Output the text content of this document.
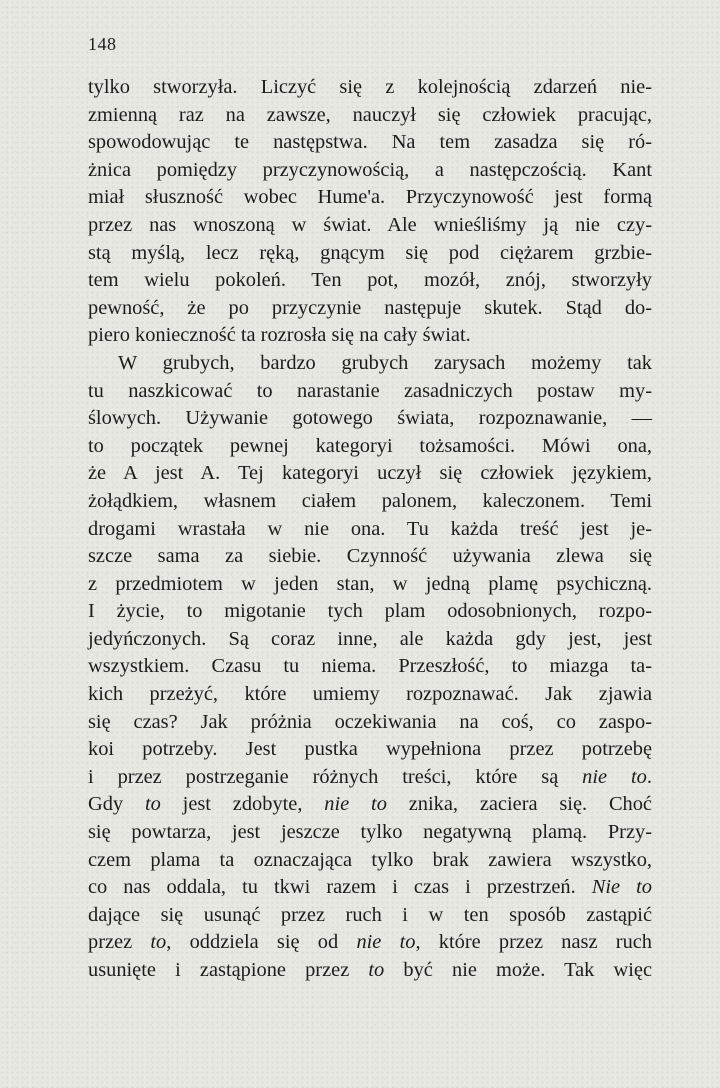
148
tylko stworzyła. Liczyć się z kolejnością zdarzeń nie-
zmienną raz na zawsze, nauczył się człowiek pracując,
spowodowując te następstwa. Na tem zasadza się ró-
żnica pomiędzy przyczynowością, a następczością. Kant
miał słuszność wobec Hume'a. Przyczynowość jest formą
przez nas wnoszoną w świat. Ale wnieśliśmy ją nie czy-
stą myślą, lecz ręką, gnącym się pod ciężarem grzbie-
tem wielu pokoleń. Ten pot, mozół, znój, stworzyły
pewność, że po przyczynie następuje skutek. Stąd do-
piero konieczność ta rozrosła się na cały świat.
W grubych, bardzo grubych zarysach możemy tak
tu naszkicować to narastanie zasadniczych postaw my-
ślowych. Używanie gotowego świata, rozpoznawanie, —
to początek pewnej kategoryi tożsamości. Mówi ona,
że A jest A. Tej kategoryi uczył się człowiek językiem,
żołądkiem, własnem ciałem palonem, kaleczonem. Temi
drogami wrastała w nie ona. Tu każda treść jest je-
szcze sama za siebie. Czynność używania zlewa się
z przedmiotem w jeden stan, w jedną plamę psychiczną.
I życie, to migotanie tych plam odosobnionych, rozpo-
jedyńczonych. Są coraz inne, ale każda gdy jest, jest
wszystkiem. Czasu tu niema. Przeszłość, to miazga ta-
kich przeżyć, które umiemy rozpoznawać. Jak zjawia
się czas? Jak próżnia oczekiwania na coś, co zaspo-
koi potrzeby. Jest pustka wypełniona przez potrzebę
i przez postrzeganie różnych treści, które są nie to.
Gdy to jest zdobyte, nie to znika, zaciera się. Choć
się powtarza, jest jeszcze tylko negatywną plamą. Przy-
czem plama ta oznaczająca tylko brak zawiera wszystko,
co nas oddala, tu tkwi razem i czas i przestrzeń. Nie to
dające się usunąć przez ruch i w ten sposób zastąpić
przez to, oddziela się od nie to, które przez nasz ruch
usunięte i zastąpione przez to być nie może. Tak więc
